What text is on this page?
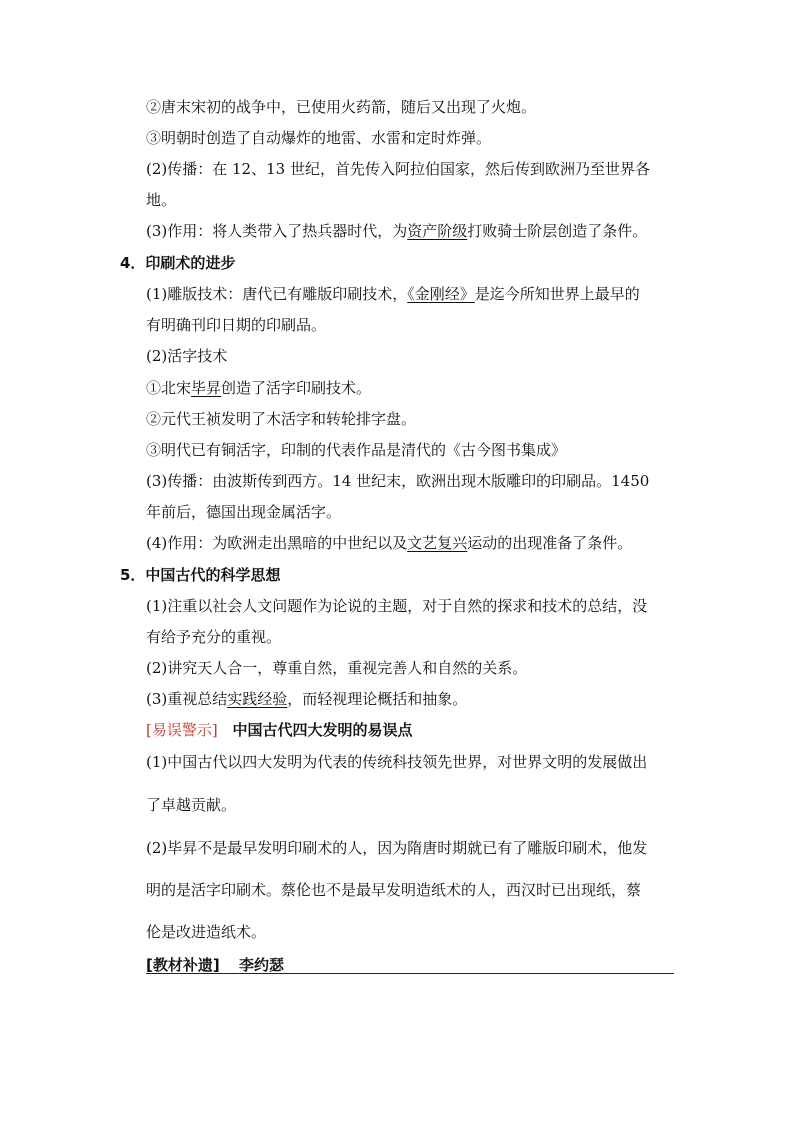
②唐末宋初的战争中，已使用火药箭，随后又出现了火炮。
③明朝时创造了自动爆炸的地雷、水雷和定时炸弹。
(2)传播：在 12、13 世纪，首先传入阿拉伯国家，然后传到欧洲乃至世界各
地。
(3)作用：将人类带入了热兵器时代，为资产阶级打败骑士阶层创造了条件。
4．印刷术的进步
(1)雕版技术：唐代已有雕版印刷技术，《金刚经》是迄今所知世界上最早的
有明确刊印日期的印刷品。
(2)活字技术
①北宋毕昇创造了活字印刷技术。
②元代王祯发明了木活字和转轮排字盘。
③明代已有铜活字，印制的代表作品是清代的《古今图书集成》
(3)传播：由波斯传到西方。14 世纪末，欧洲出现木版雕印的印刷品。1450
年前后，德国出现金属活字。
(4)作用：为欧洲走出黑暗的中世纪以及文艺复兴运动的出现准备了条件。
5．中国古代的科学思想
(1)注重以社会人文问题作为论说的主题，对于自然的探求和技术的总结，没
有给予充分的重视。
(2)讲究天人合一，尊重自然，重视完善人和自然的关系。
(3)重视总结实践经验，而轻视理论概括和抽象。
[易误警示] 中国古代四大发明的易误点
(1)中国古代以四大发明为代表的传统科技领先世界，对世界文明的发展做出
了卓越贡献。
(2)毕昇不是最早发明印刷术的人，因为隋唐时期就已有了雕版印刷术，他发
明的是活字印刷术。蔡伦也不是最早发明造纸术的人，西汉时已出现纸，蔡
伦是改进造纸术。
[教材补遗] 李约瑟
